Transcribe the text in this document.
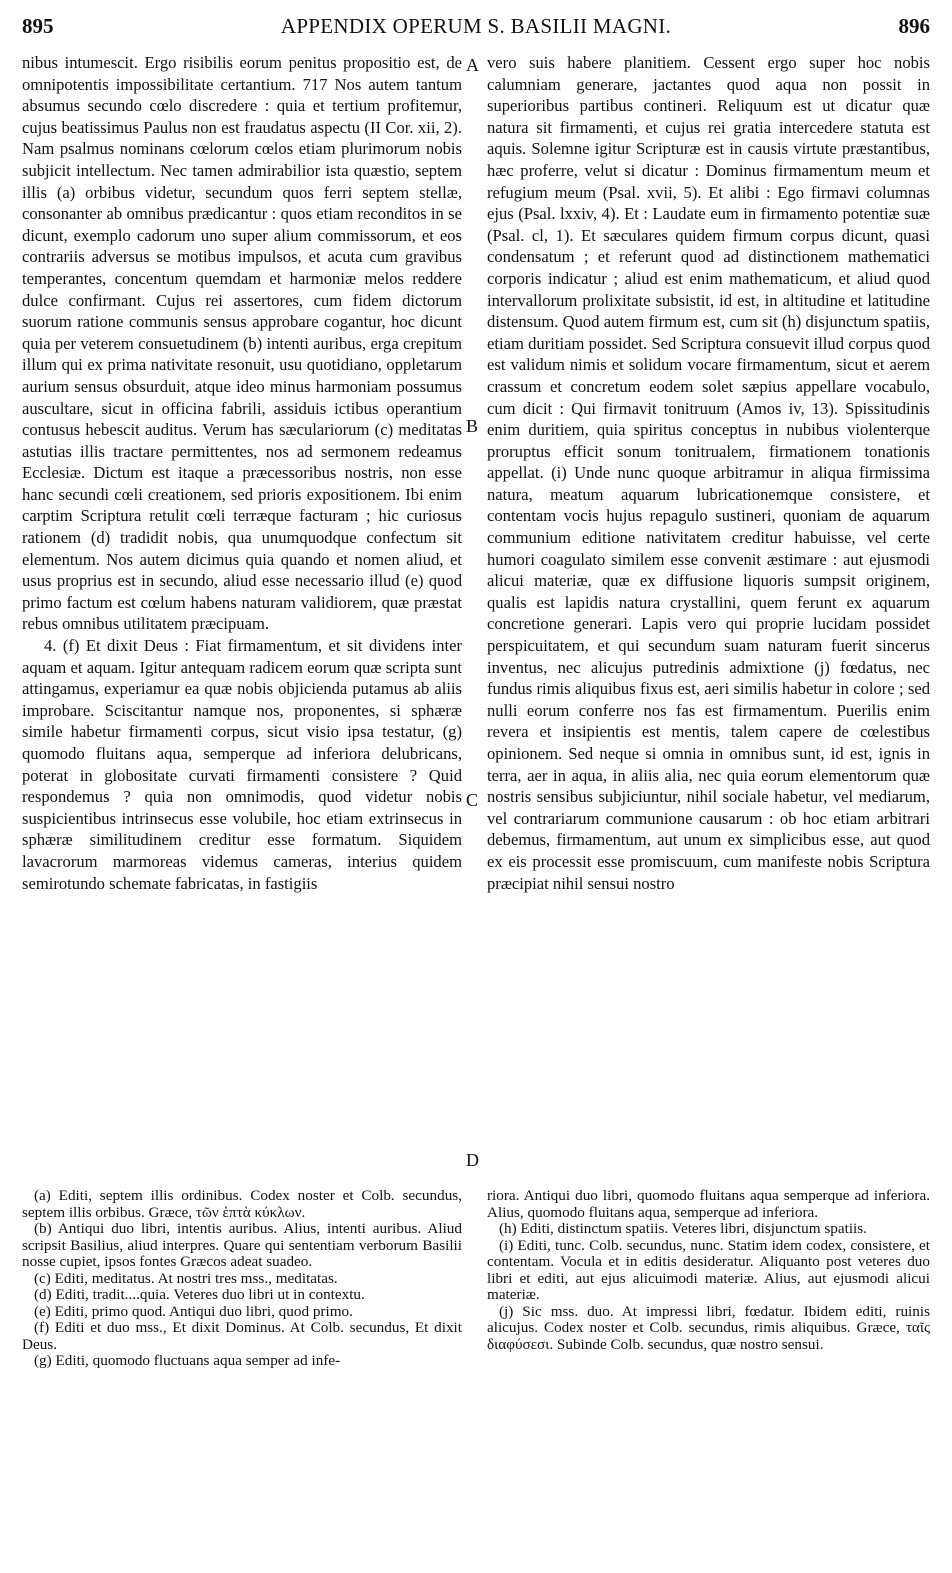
895	APPENDIX OPERUM S. BASILII MAGNI.	896
A
B
C
D

nibus intumescit. Ergo risibilis eorum penitus propositio est, de omnipotentis impossibilitate certantium. 717 Nos autem tantum absumus secundo cœlo discredere : quia et tertium profitemur, cujus beatissimus Paulus non est fraudatus aspectu (II Cor. xii, 2). Nam psalmus nominans cœlorum cœlos etiam plurimorum nobis subjicit intellectum. Nec tamen admirabilior ista quæstio, septem illis (a) orbibus videtur, secundum quos ferri septem stellæ, consonanter ab omnibus prædicantur : quos etiam reconditos in se dicunt, exemplo cadorum uno super alium commissorum, et eos contrariis adversus se motibus impulsos, et acuta cum gravibus temperantes, concentum quemdam et harmoniæ melos reddere dulce confirmant. Cujus rei assertores, cum fidem dictorum suorum ratione communis sensus approbare cogantur, hoc dicunt quia per veterem consuetudinem (b) intenti auribus, erga crepitum illum qui ex prima nativitate resonuit, usu quotidiano, oppletarum aurium sensus obsurduit, atque ideo minus harmoniam possumus auscultare, sicut in officina fabrili, assiduis ictibus operantium contusus hebescit auditus. Verum has sæculariorum (c) meditatas astutias illis tractare permittentes, nos ad sermonem redeamus Ecclesiæ. Dictum est itaque a præcessoribus nostris, non esse hanc secundi cœli creationem, sed prioris expositionem. Ibi enim carptim Scriptura retulit cœli terræque facturam ; hic curiosus rationem (d) tradidit nobis, qua unumquodque confectum sit elementum. Nos autem dicimus quia quando et nomen aliud, et usus proprius est in secundo, aliud esse necessario illud (e) quod primo factum est cœlum habens naturam validiorem, quæ præstat rebus omnibus utilitatem præcipuam.

4. (f) Et dixit Deus : Fiat firmamentum, et sit dividens inter aquam et aquam. Igitur antequam radicem eorum quæ scripta sunt attingamus, experiamur ea quæ nobis objicienda putamus ab aliis improbare. Sciscitantur namque nos, proponentes, si sphæræ simile habetur firmamenti corpus, sicut visio ipsa testatur, (g) quomodo fluitans aqua, semperque ad inferiora delubricans, poterat in globositate curvati firmamenti consistere ? Quid respondemus ? quia non omnimodis, quod videtur nobis suspicientibus intrinsecus esse volubile, hoc etiam extrinsecus in sphæræ similitudinem creditur esse formatum. Siquidem lavacrorum marmoreas videmus cameras, interius quidem semirotundo schemate fabricatas, in fastigiis

(a) Editi, septem illis ordinibus. Codex noster et Colb. secundus, septem illis orbibus. Græce, τῶν ἑπτὰ κύκλων.

(b) Antiqui duo libri, intentis auribus. Alius, intenti auribus. Aliud scripsit Basilius, aliud interpres. Quare qui sententiam verborum Basilii nosse cupiet, ipsos fontes Græcos adeat suadeo.

(c) Editi, meditatus. At nostri tres mss., meditatas.

(d) Editi, tradit....quia. Veteres duo libri ut in contextu.

(e) Editi, primo quod. Antiqui duo libri, quod primo.

(f) Editi et duo mss., Et dixit Dominus. At Colb. secundus, Et dixit Deus.

(g) Editi, quomodo fluctuans aqua semper ad infe-

vero suis habere planitiem. Cessent ergo super hoc nobis calumniam generare, jactantes quod aqua non possit in superioribus partibus contineri. Reliquum est ut dicatur quæ natura sit firmamenti, et cujus rei gratia intercedere statuta est aquis. Solemne igitur Scripturæ est in causis virtute præstantibus, hæc proferre, velut si dicatur : Dominus firmamentum meum et refugium meum (Psal. xvii, 5). Et alibi : Ego firmavi columnas ejus (Psal. lxxiv, 4). Et : Laudate eum in firmamento potentiæ suæ (Psal. cl, 1). Et sæculares quidem firmum corpus dicunt, quasi condensatum ; et referunt quod ad distinctionem mathematici corporis indicatur ; aliud est enim mathematicum, et aliud quod intervallorum prolixitate subsistit, id est, in altitudine et latitudine distensum. Quod autem firmum est, cum sit (h) disjunctum spatiis, etiam duritiam possidet. Sed Scriptura consuevit illud corpus quod est validum nimis et solidum vocare firmamentum, sicut et aerem crassum et concretum eodem solet sæpius appellare vocabulo, cum dicit : Qui firmavit tonitruum (Amos iv, 13). Spissitudinis enim duritiem, quia spiritus conceptus in nubibus violenterque proruptus efficit sonum tonitrualem, firmationem tonationis appellat. (i) Unde nunc quoque arbitramur in aliqua firmissima natura, meatum aquarum lubricationemque consistere, et contentam vocis hujus repagulo sustineri, quoniam de aquarum communium editione nativitatem creditur habuisse, vel certe humori coagulato similem esse convenit æstimare : aut ejusmodi alicui materiæ, quæ ex diffusione liquoris sumpsit originem, qualis est lapidis natura crystallini, quem ferunt ex aquarum concretione generari. Lapis vero qui proprie lucidam possidet perspicuitatem, et qui secundum suam naturam fuerit sincerus inventus, nec alicujus putredinis admixtione (j) fœdatus, nec fundus rimis aliquibus fixus est, aeri similis habetur in colore ; sed nulli eorum conferre nos fas est firmamentum. Puerilis enim revera et insipientis est mentis, talem capere de cœlestibus opinionem. Sed neque si omnia in omnibus sunt, id est, ignis in terra, aer in aqua, in aliis alia, nec quia eorum elementorum quæ nostris sensibus subjiciuntur, nihil sociale habetur, vel mediarum, vel contrariarum communione causarum : ob hoc etiam arbitrari debemus, firmamentum, aut unum ex simplicibus esse, aut quod ex eis processit esse promiscuum, cum manifeste nobis Scriptura præcipiat nihil sensui nostro

riora. Antiqui duo libri, quomodo fluitans aqua semperque ad inferiora. Alius, quomodo fluitans aqua, semperque ad inferiora.

(h) Editi, distinctum spatiis. Veteres libri, disjunctum spatiis.

(i) Editi, tunc. Colb. secundus, nunc. Statim idem codex, consistere, et contentam. Vocula et in editis desideratur. Aliquanto post veteres duo libri et editi, aut ejus alicuimodi materiæ. Alius, aut ejusmodi alicui materiæ.

(j) Sic mss. duo. At impressi libri, fœdatur. Ibidem editi, ruinis alicujus. Codex noster et Colb. secundus, rimis aliquibus. Græce, ταῖς διαφύσεσι. Subinde Colb. secundus, quæ nostro sensui.
